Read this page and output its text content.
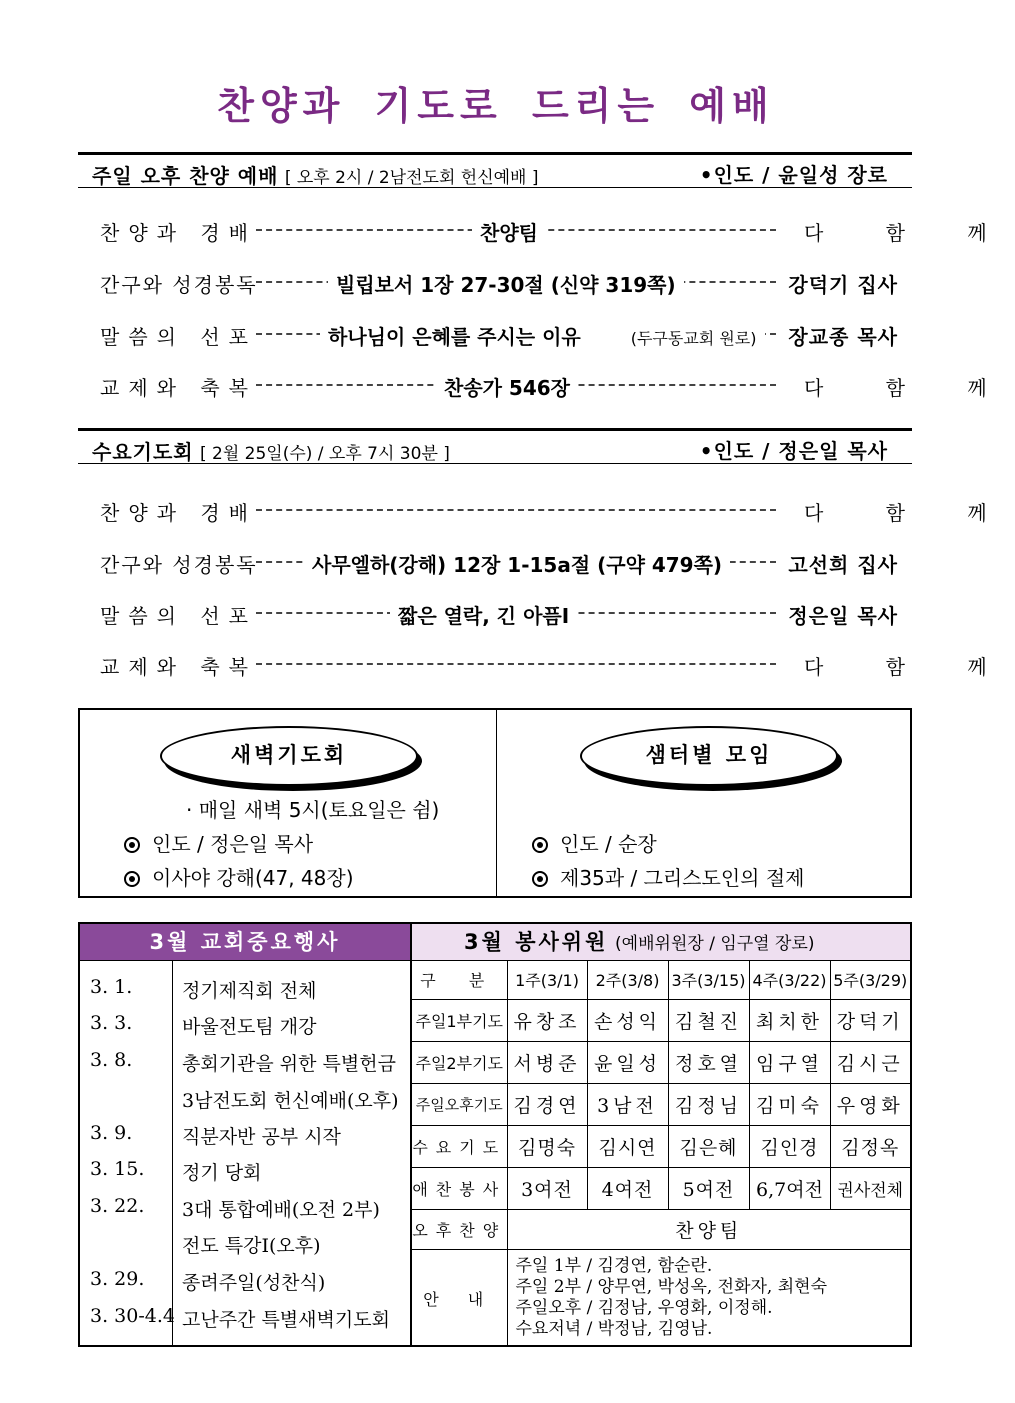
찬양과 기도로 드리는 예배
주일 오후 찬양 예배 [ 오후 2시 / 2남전도회 헌신예배 ]	•인도 / 윤일성 장로
찬양과 경배	찬양팀	다 함 께
간구와 성경봉독	빌립보서 1장 27-30절 (신약 319쪽)	강덕기 집사
말씀의 선포	하나님이 은혜를 주시는 이유	(두구동교회 원로)	장교종 목사
교제와 축복	찬송가 546장	다 함 께
수요기도회 [ 2월 25일(수) / 오후 7시 30분 ]	•인도 / 정은일 목사
찬양과 경배	다 함 께
간구와 성경봉독	사무엘하(강해) 12장 1-15a절 (구약 479쪽)	고선희 집사
말씀의 선포	짧은 열락, 긴 아픔Ⅰ	정은일 목사
교제와 축복	다 함 께
새벽기도회
· 매일 새벽 5시(토요일은 쉼)
인도 / 정은일 목사
이사야 강해(47, 48장)
샘터별 모임
인도 / 순장
제35과 / 그리스도인의 절제
3월 교회중요행사
3. 1.	정기제직회 전체
3. 3.	바울전도팀 개강
3. 8.	총회기관을 위한 특별헌금
3남전도회 헌신예배(오후)
3. 9.	직분자반 공부 시작
3. 15. 정기 당회
3. 22. 3대 통합예배(오전 2부)
전도 특강Ⅰ(오후)
3. 29. 종려주일(성찬식)
3. 30-4.4 고난주간 특별새벽기도회
3월 봉사위원 (예배위원장 / 임구열 장로)
구 분	1주(3/1)	2주(3/8)	3주(3/15)	4주(3/22)	5주(3/29)
주일1부기도	유창조	손성익	김철진	최치한	강덕기
주일2부기도	서병준	윤일성	정호열	임구열	김시근
주일오후기도	김경연	3남전	김정님	김미숙	우영화
수요기도	김명숙	김시연	김은혜	김인경	김정옥
애찬봉사	3여전	4여전	5여전	6,7여전	권사전체
오후찬양	찬양팀				
안 내	주일 1부 / 김경연, 함순란.
주일 2부 / 양무연, 박성옥, 전화자, 최현숙
주일오후 / 김정남, 우영화, 이정해.
수요저녁 / 박정남, 김영남.				
